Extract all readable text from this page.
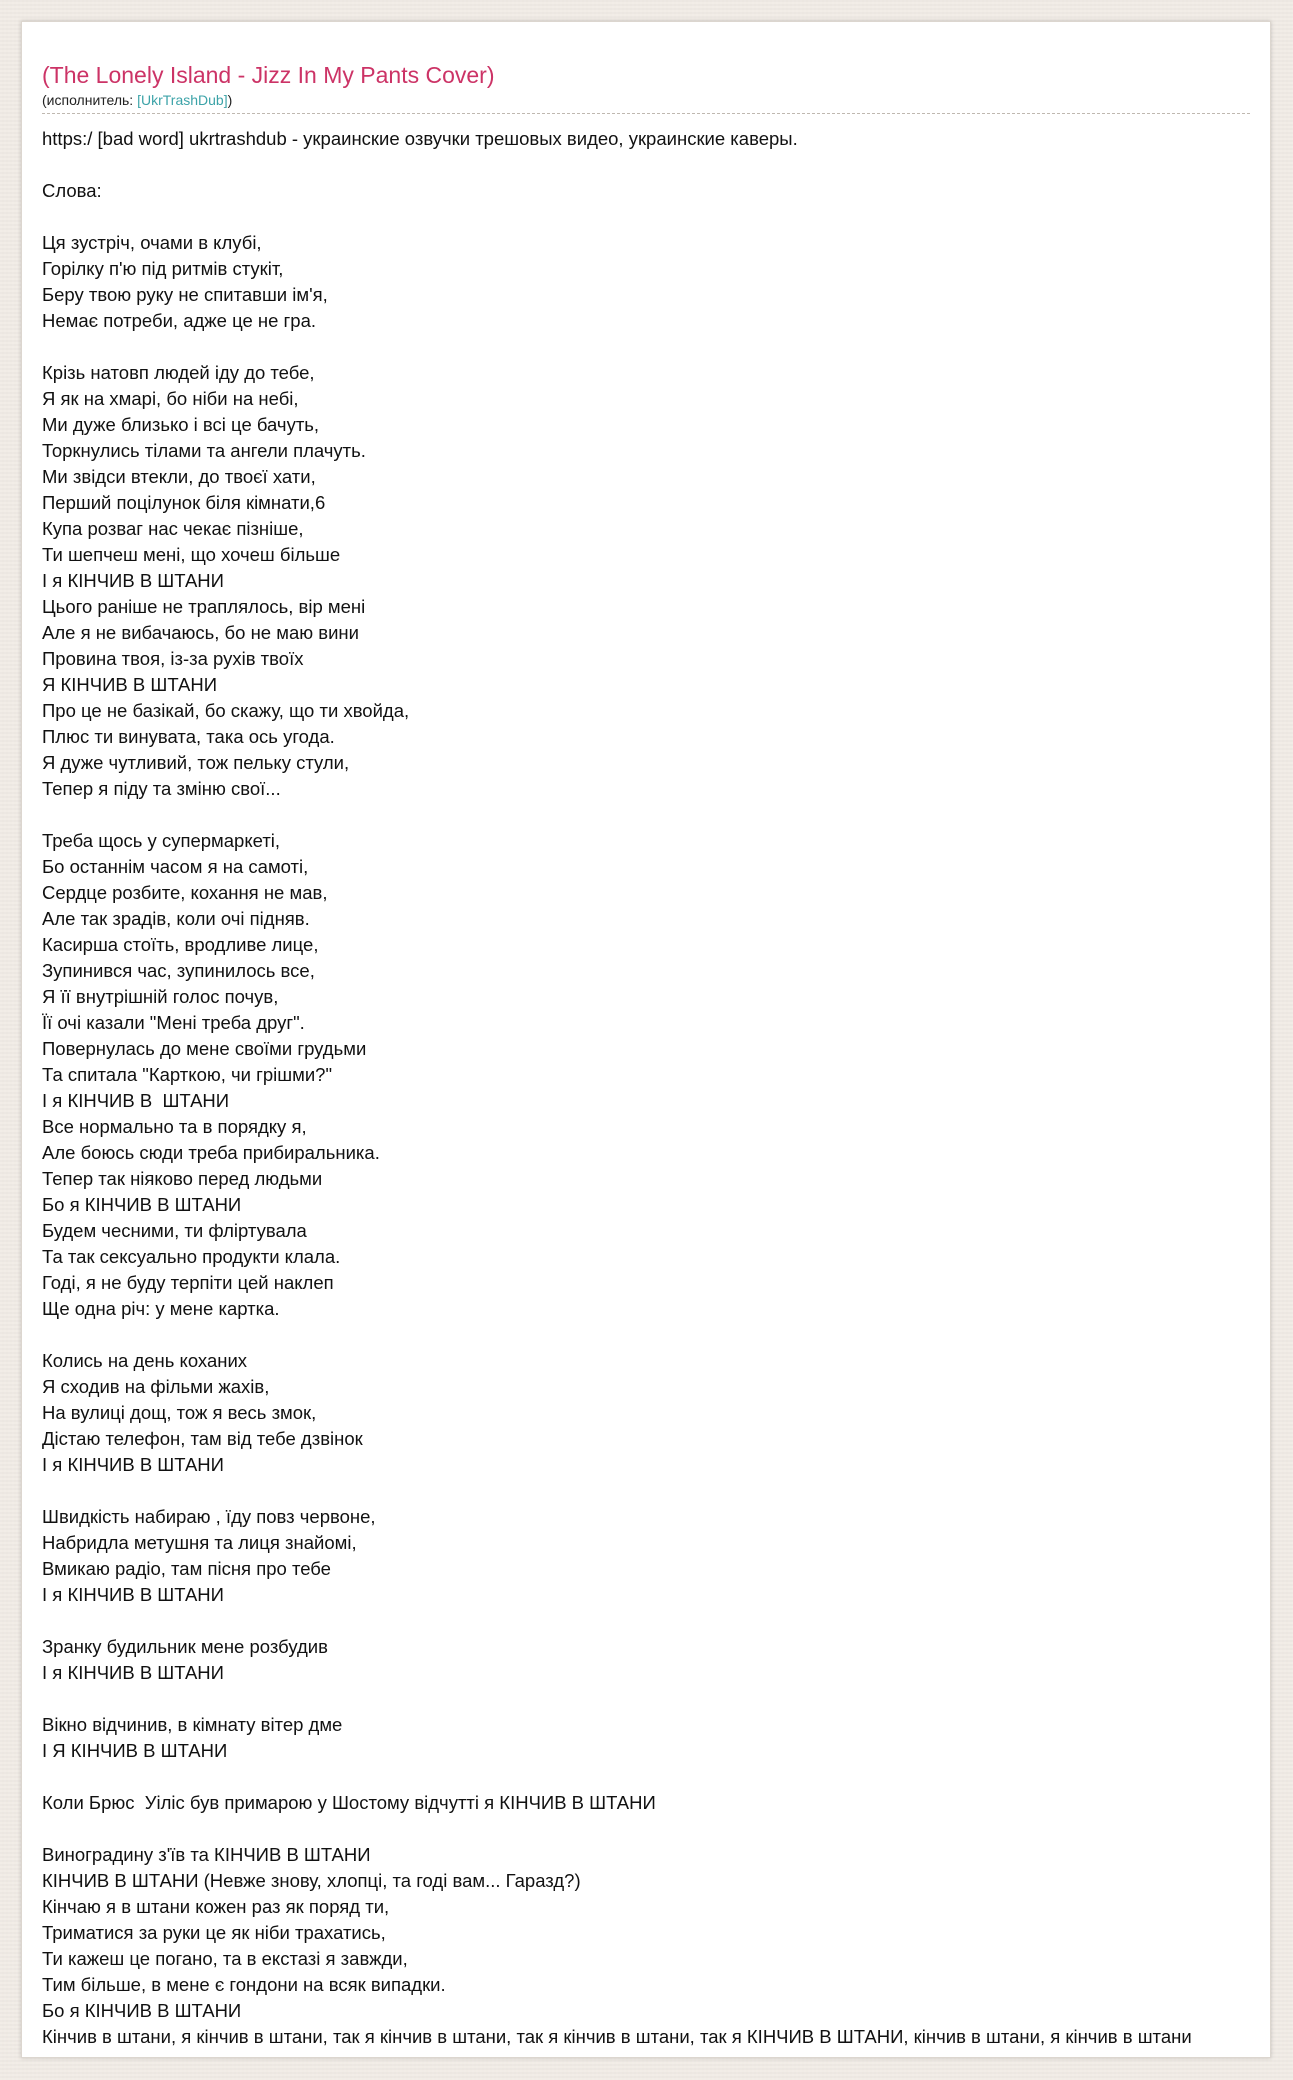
(The Lonely Island - Jizz In My Pants Cover)
(исполнитель: [UkrTrashDub])
https:/ [bad word] ukrtrashdub - украинские озвучки трешовых видео, украинские каверы.

Слова:

Ця зустріч, очами в клубі,
Горілку п'ю під ритмів стукіт,
Беру твою руку не спитавши ім'я,
Немає потреби, адже це не гра.

Крізь натовп людей іду до тебе,
Я як на хмарі, бо ніби на небі,
Ми дуже близько і всі це бачуть,
Торкнулись тілами та ангели плачуть.
Ми звідси втекли, до твоєї хати,
Перший поцілунок біля кімнати,6
Купа розваг нас чекає пізніше,
Ти шепчеш мені, що хочеш більше
І я КІНЧИВ В ШТАНИ
Цього раніше не траплялось, вір мені
Але я не вибачаюсь, бо не маю вини
Провина твоя, із-за рухів твоїх
Я КІНЧИВ В ШТАНИ
Про це не базікай, бо скажу, що ти хвойда,
Плюс ти винувата, така ось угода.
Я дуже чутливий, тож пельку стули,
Тепер я піду та зміню свої...

Треба щось у супермаркеті,
Бо останнім часом я на самоті,
Сердце розбите, кохання не мав,
Але так зрадів, коли очі підняв.
Касирша стоїть, вродливе лице,
Зупинився час, зупинилось все,
Я її внутрішній голос почув,
Її очі казали "Мені треба друг".
Повернулась до мене своїми грудьми
Та спитала "Карткою, чи грішми?"
І я КІНЧИВ В  ШТАНИ
Все нормально та в порядку я,
Але боюсь сюди треба прибиральника.
Тепер так ніяково перед людьми
Бо я КІНЧИВ В ШТАНИ
Будем чесними, ти фліртувала
Та так сексуально продукти клала.
Годі, я не буду терпіти цей наклеп
Ще одна річ: у мене картка.

Колись на день коханих
Я сходив на фільми жахів,
На вулиці дощ, тож я весь змок,
Дістаю телефон, там від тебе дзвінок
І я КІНЧИВ В ШТАНИ

Швидкість набираю , їду повз червоне,
Набридла метушня та лиця знайомі,
Вмикаю радіо, там пісня про тебе
І я КІНЧИВ В ШТАНИ

Зранку будильник мене розбудив
І я КІНЧИВ В ШТАНИ

Вікно відчинив, в кімнату вітер дме
І Я КІНЧИВ В ШТАНИ

Коли Брюс  Уіліс був примарою у Шостому відчутті я КІНЧИВ В ШТАНИ

Виноградину з'їв та КІНЧИВ В ШТАНИ
КІНЧИВ В ШТАНИ (Невже знову, хлопці, та годі вам... Гаразд?)
Кінчаю я в штани кожен раз як поряд ти,
Триматися за руки це як ніби трахатись,
Ти кажеш це погано, та в екстазі я завжди,
Тим більше, в мене є гондони на всяк випадки.
Бо я КІНЧИВ В ШТАНИ
Кінчив в штани, я кінчив в штани, так я кінчив в штани, так я кінчив в штани, так я КІНЧИВ В ШТАНИ, кінчив в штани, я кінчив в штани
